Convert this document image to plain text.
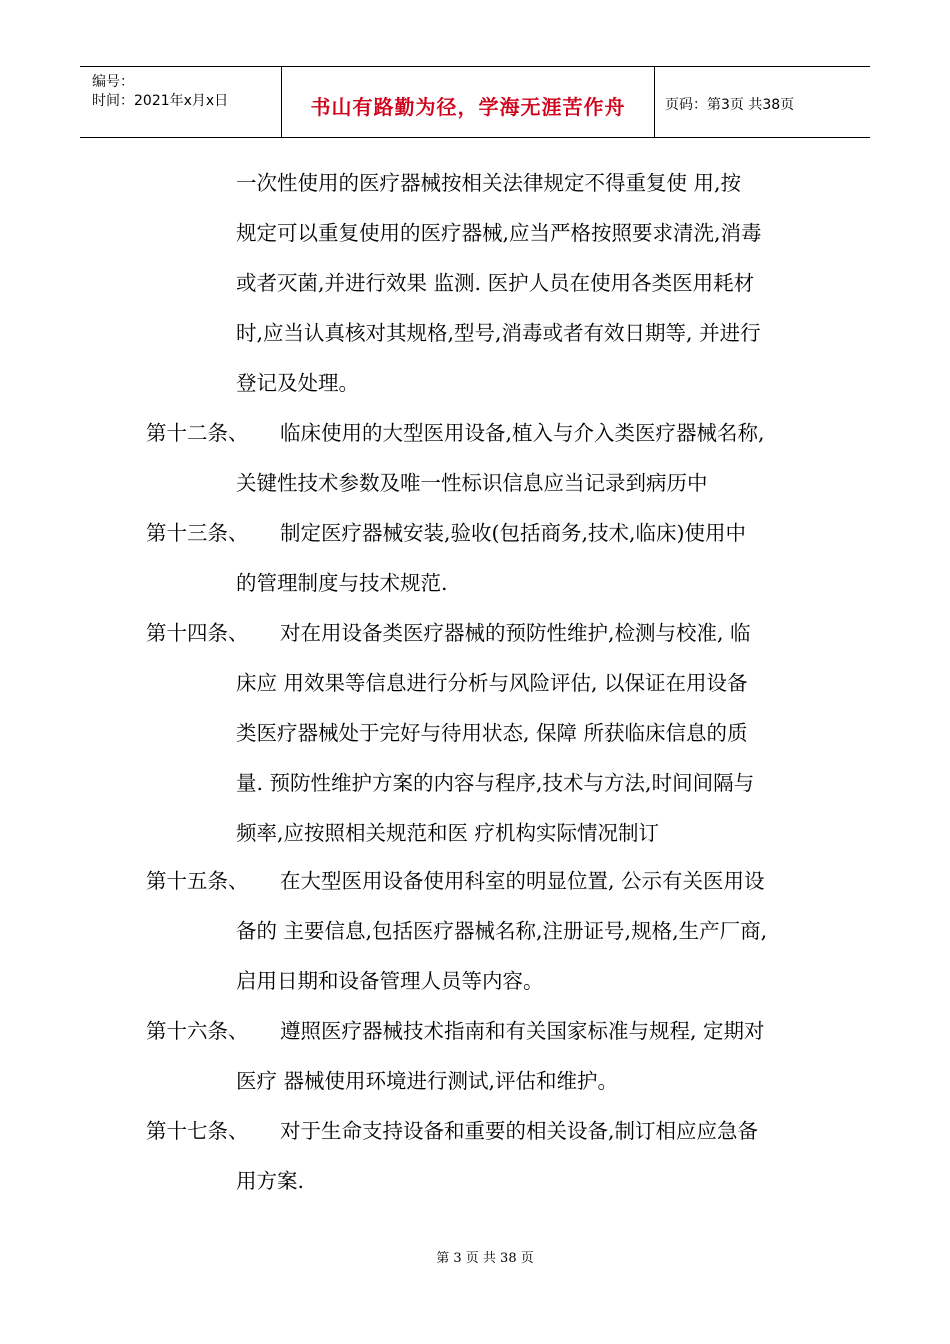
编号：
时间：2021年x月x日	书山有路勤为径，学海无涯苦作舟	页码：第3页 共38页
一次性使用的医疗器械按相关法律规定不得重复使 用,按
规定可以重复使用的医疗器械,应当严格按照要求清洗,消毒
或者灭菌,并进行效果 监测. 医护人员在使用各类医用耗材
时,应当认真核对其规格,型号,消毒或者有效日期等, 并进行
登记及处理。
第十二条、 临床使用的大型医用设备,植入与介入类医疗器械名称,
关键性技术参数及唯一性标识信息应当记录到病历中
第十三条、 制定医疗器械安装,验收(包括商务,技术,临床)使用中
的管理制度与技术规范.
第十四条、 对在用设备类医疗器械的预防性维护,检测与校准, 临
床应 用效果等信息进行分析与风险评估, 以保证在用设备
类医疗器械处于完好与待用状态, 保障 所获临床信息的质
量. 预防性维护方案的内容与程序,技术与方法,时间间隔与
频率,应按照相关规范和医 疗机构实际情况制订
第十五条、 在大型医用设备使用科室的明显位置, 公示有关医用设
备的 主要信息,包括医疗器械名称,注册证号,规格,生产厂商,
启用日期和设备管理人员等内容。
第十六条、 遵照医疗器械技术指南和有关国家标准与规程, 定期对
医疗 器械使用环境进行测试,评估和维护。
第十七条、 对于生命支持设备和重要的相关设备,制订相应应急备
用方案.
第 3 页 共 38 页
